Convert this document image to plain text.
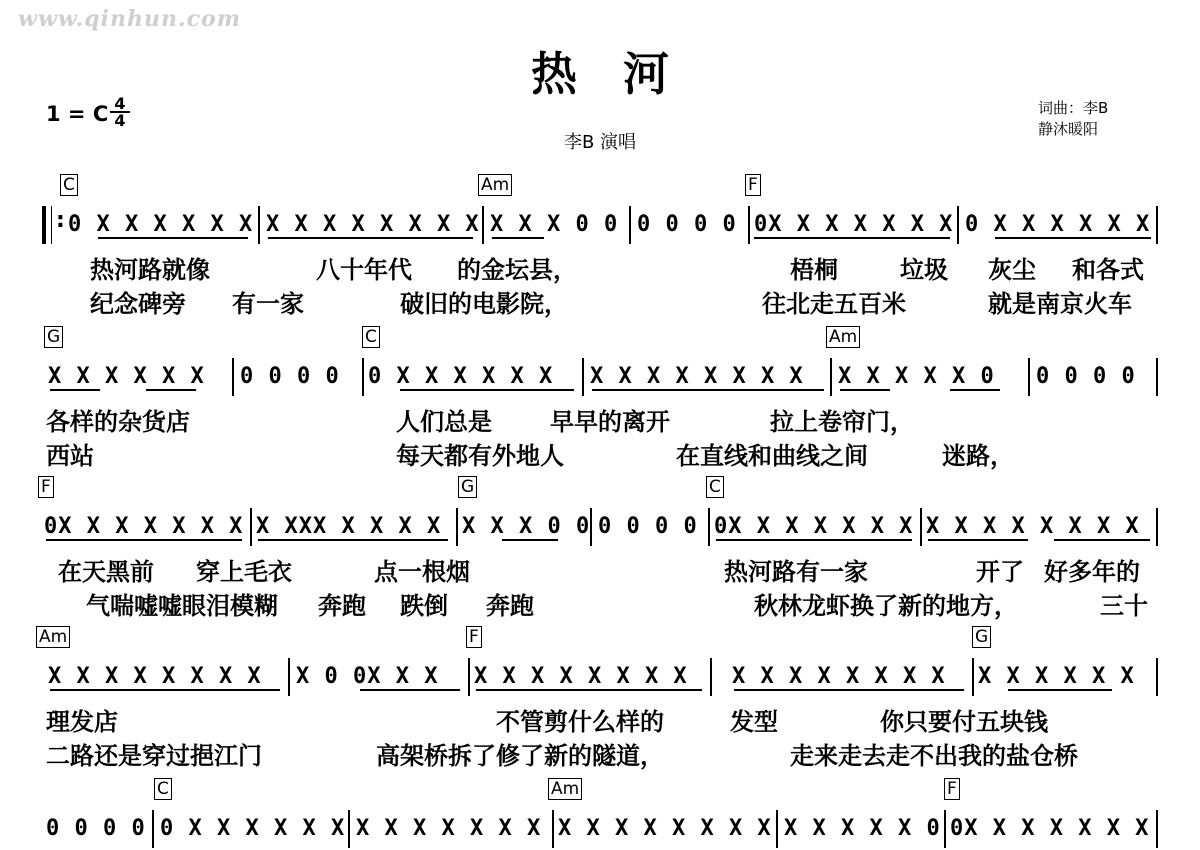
www.qinhun.com
热　河
1 = C 4
4
李B 演唱
词曲：李B
静沐暖阳
:
C	Am	F
0 X X X X X X X X X X X X X X X X X 0 0 0 0 0 0 0X X X X X X X 0 X X X X X X
热河路就像	八十年代 的金坛县，	梧桐	垃圾 灰尘 和各式
纪念碑旁 有一家	破旧的电影院，	往北走五百米	就是南京火车
G	C	Am
X X X X X X 0 0 0 0 0 X X X X X X X X X X X X X X X X X X X 0 0 0 0 0
各样的杂货店	人们总是 早早的离开	拉上卷帘门，
西站	每天都有外地人	在直线和曲线之间	迷路，
F	G	C
0X X X X X X X X XXX X X X X X X X 0 0 0 0 0 0 0X X X X X X X X X X X X X X X
在天黑前 穿上毛衣	点一根烟	热河路有一家	开了 好多年的
气喘嘘嘘眼泪模糊 奔跑 跌倒 奔跑	秋林龙虾换了新的地方，	三十
Am	F	G
X X X X X X X X X 0 0X X X X X X X X X X X X X X X X X X X X X X X X X
理发店	不管剪什么样的	发型	你只要付五块钱
二路还是穿过挹江门	高架桥拆了修了新的隧道，	走来走去走不出我的盐仓桥
C	Am	F
0 0 0 0 0 X X X X X X X X X X X X X X X X X X X X X X X X X X 0 0X X X X X X X
